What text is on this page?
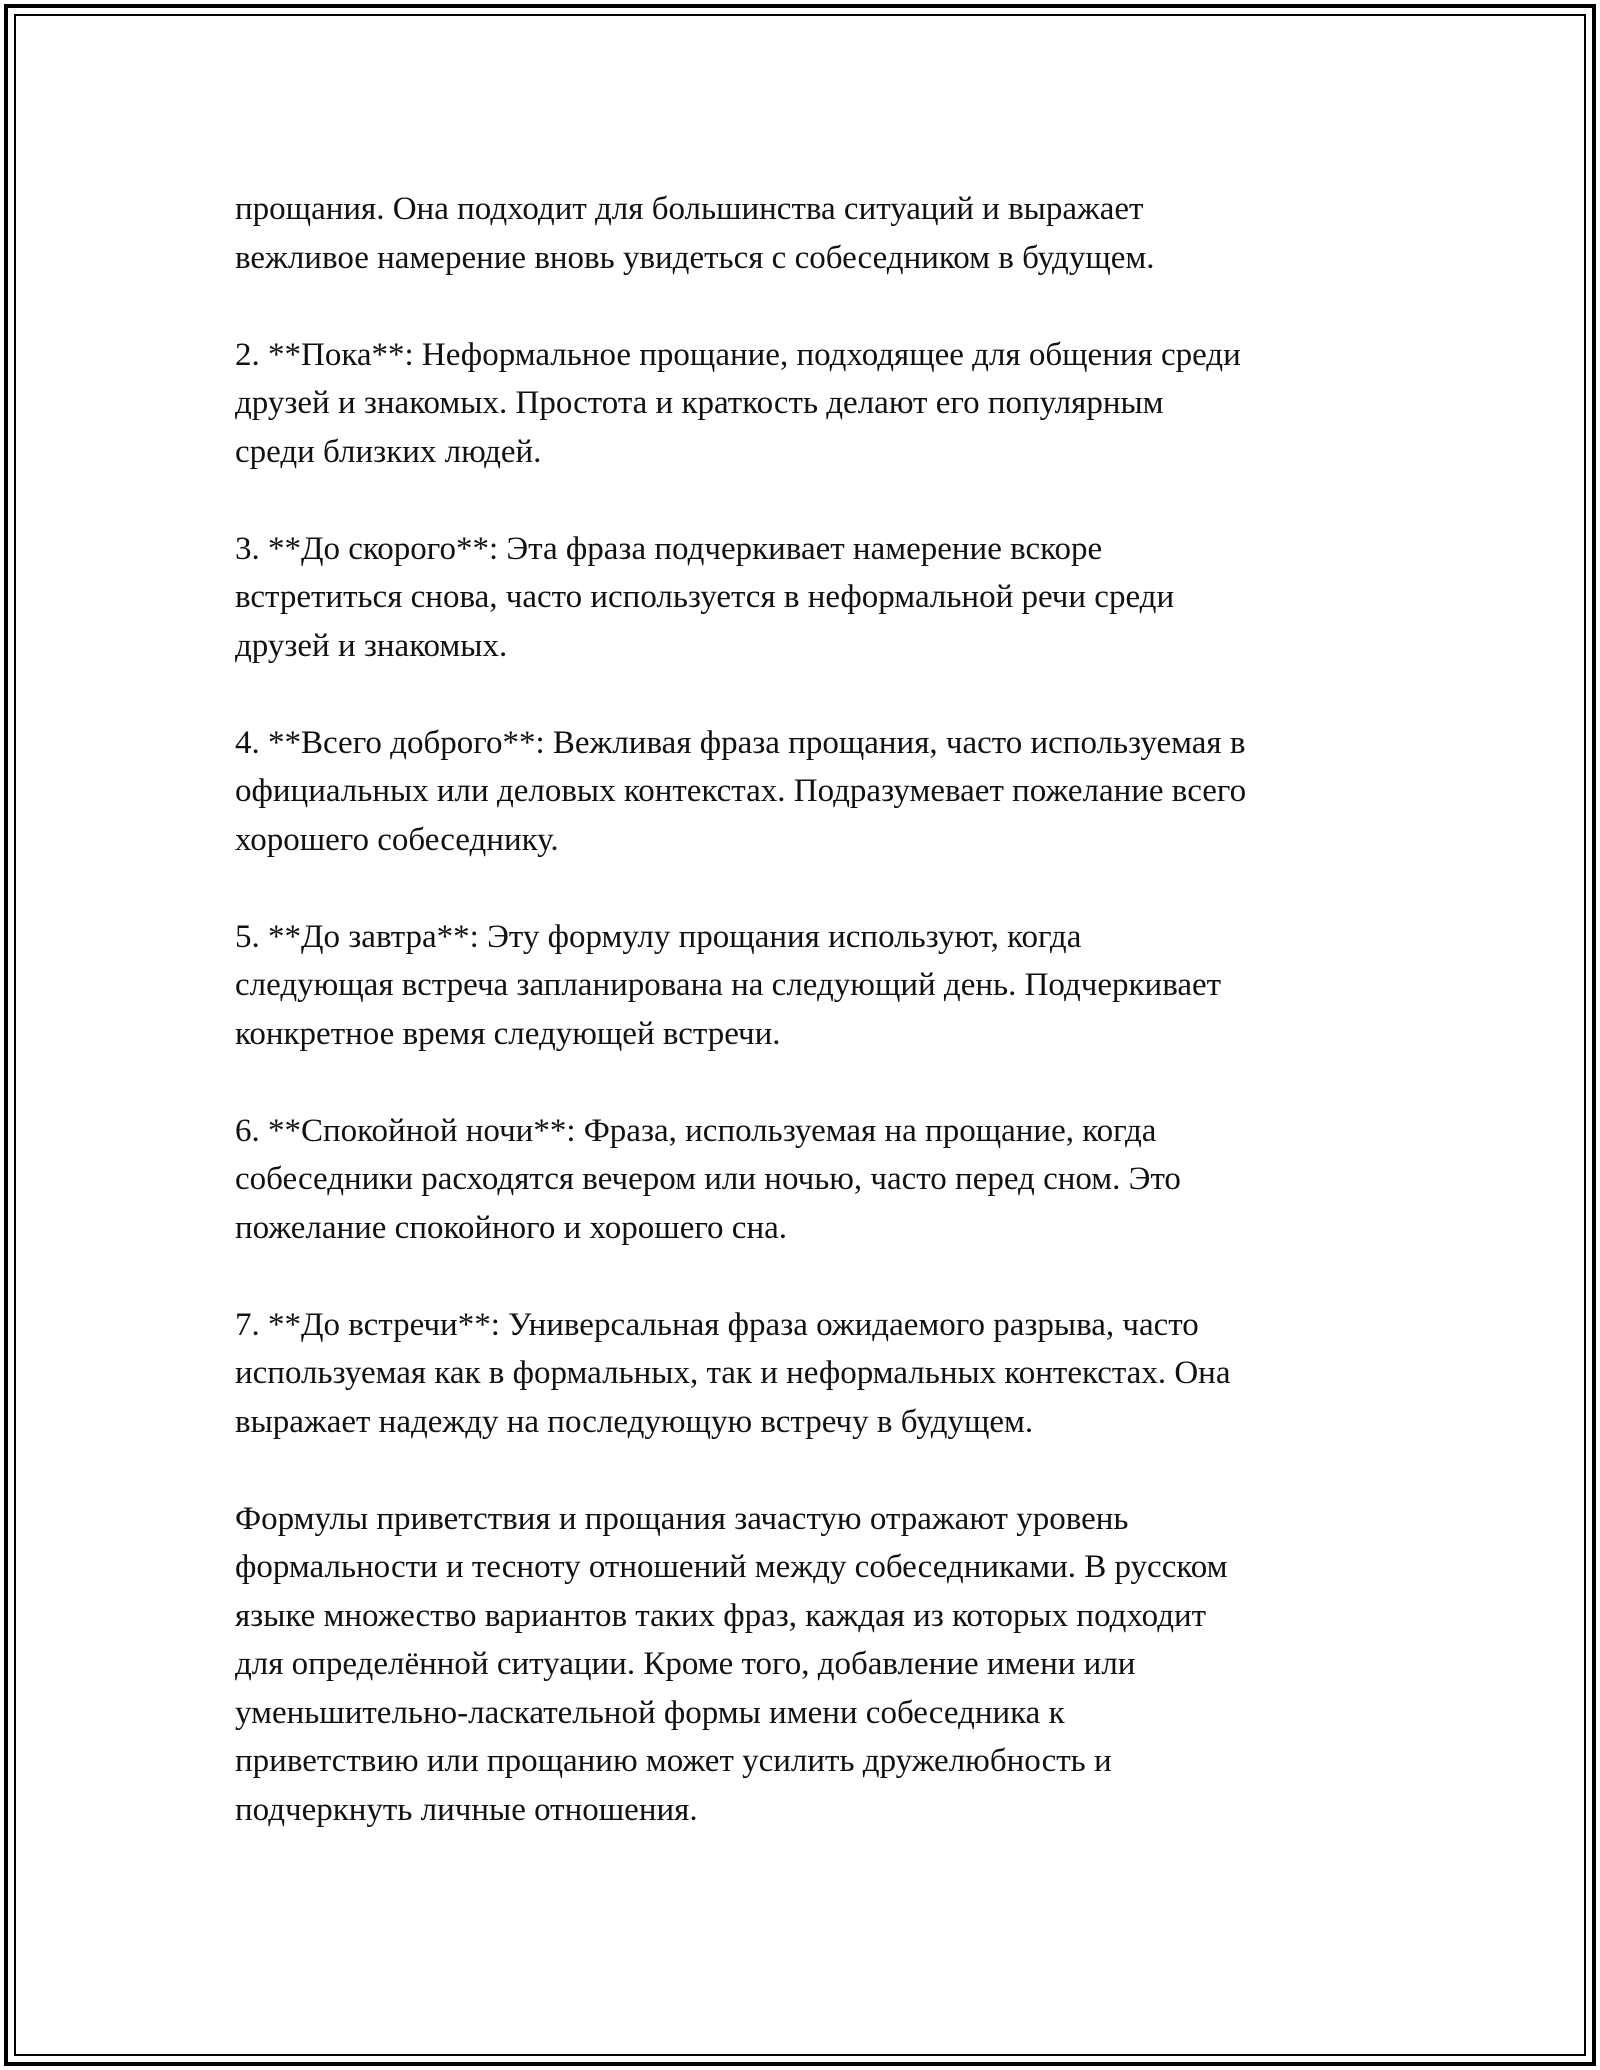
прощания. Она подходит для большинства ситуаций и выражает
вежливое намерение вновь увидеться с собеседником в будущем.

2. **Пока**: Неформальное прощание, подходящее для общения среди
друзей и знакомых. Простота и краткость делают его популярным
среди близких людей.

3. **До скорого**: Эта фраза подчеркивает намерение вскоре
встретиться снова, часто используется в неформальной речи среди
друзей и знакомых.

4. **Всего доброго**: Вежливая фраза прощания, часто используемая в
официальных или деловых контекстах. Подразумевает пожелание всего
хорошего собеседнику.

5. **До завтра**: Эту формулу прощания используют, когда
следующая встреча запланирована на следующий день. Подчеркивает
конкретное время следующей встречи.

6. **Спокойной ночи**: Фраза, используемая на прощание, когда
собеседники расходятся вечером или ночью, часто перед сном. Это
пожелание спокойного и хорошего сна.

7. **До встречи**: Универсальная фраза ожидаемого разрыва, часто
используемая как в формальных, так и неформальных контекстах. Она
выражает надежду на последующую встречу в будущем.

Формулы приветствия и прощания зачастую отражают уровень
формальности и тесноту отношений между собеседниками. В русском
языке множество вариантов таких фраз, каждая из которых подходит
для определённой ситуации. Кроме того, добавление имени или
уменьшительно-ласкательной формы имени собеседника к
приветствию или прощанию может усилить дружелюбность и
подчеркнуть личные отношения.
